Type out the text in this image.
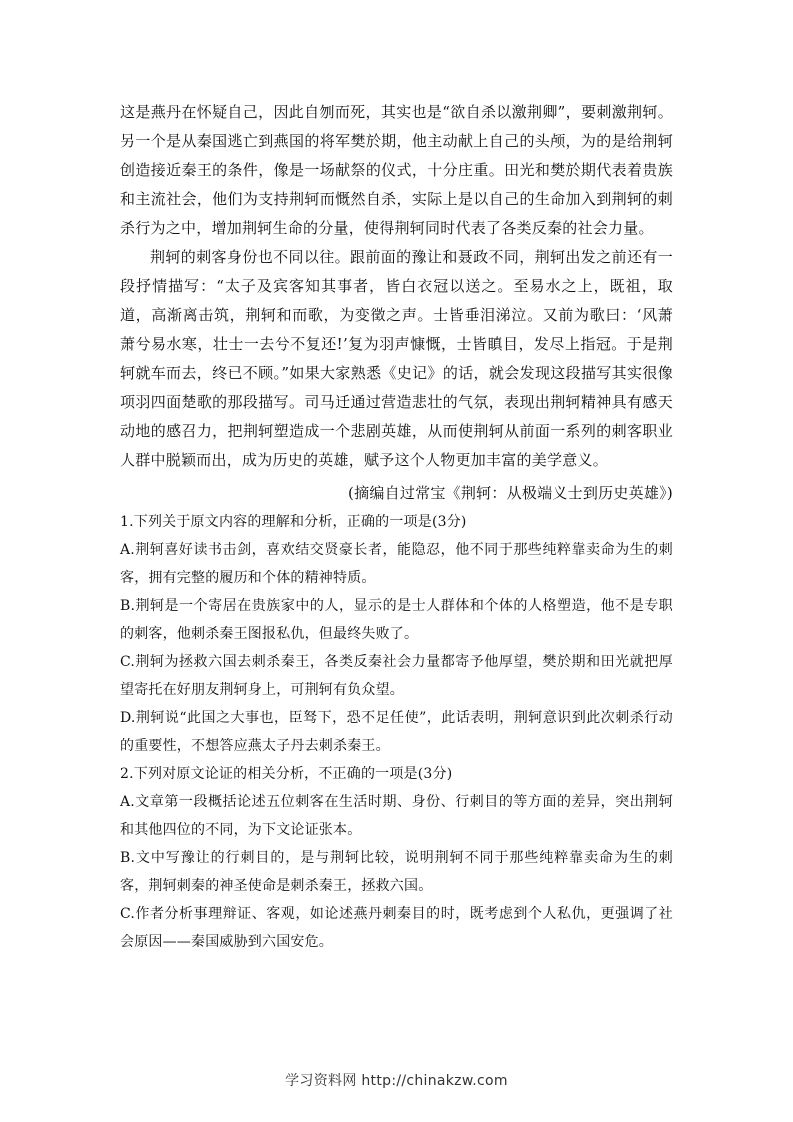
这是燕丹在怀疑自己，因此自刎而死，其实也是“欲自杀以激荆卿”，要刺激荆轲。另一个是从秦国逃亡到燕国的将军樊於期，他主动献上自己的头颅，为的是给荆轲创造接近秦王的条件，像是一场献祭的仪式，十分庄重。田光和樊於期代表着贵族和主流社会，他们为支持荆轲而慨然自杀，实际上是以自己的生命加入到荆轲的刺杀行为之中，增加荆轲生命的分量，使得荆轲同时代表了各类反秦的社会力量。

荆轲的刺客身份也不同以往。跟前面的豫让和聂政不同，荆轲出发之前还有一段抒情描写：“太子及宾客知其事者，皆白衣冠以送之。至易水之上，既祖，取道，高渐离击筑，荆轲和而歌，为变徵之声。士皆垂泪涕泣。又前为歌曰：‘风萧萧兮易水寒，壮士一去兮不复还!’复为羽声慷慨，士皆瞋目，发尽上指冠。于是荆轲就车而去，终已不顾。”如果大家熟悉《史记》的话，就会发现这段描写其实很像项羽四面楚歌的那段描写。司马迁通过营造悲壮的气氛，表现出荆轲精神具有感天动地的感召力，把荆轲塑造成一个悲剧英雄，从而使荆轲从前面一系列的刺客职业人群中脱颖而出，成为历史的英雄，赋予这个人物更加丰富的美学意义。

(摘编自过常宝《荆轲：从极端义士到历史英雄》)

1.下列关于原文内容的理解和分析，正确的一项是(3分)

A.荆轲喜好读书击剑，喜欢结交贤豪长者，能隐忍，他不同于那些纯粹靠卖命为生的刺客，拥有完整的履历和个体的精神特质。

B.荆轲是一个寄居在贵族家中的人，显示的是士人群体和个体的人格塑造，他不是专职的刺客，他刺杀秦王图报私仇，但最终失败了。

C.荆轲为拯救六国去刺杀秦王，各类反秦社会力量都寄予他厚望，樊於期和田光就把厚望寄托在好朋友荆轲身上，可荆轲有负众望。

D.荆轲说“此国之大事也，臣驽下，恐不足任使”，此话表明，荆轲意识到此次刺杀行动的重要性，不想答应燕太子丹去刺杀秦王。

2.下列对原文论证的相关分析，不正确的一项是(3分)

A.文章第一段概括论述五位刺客在生活时期、身份、行刺目的等方面的差异，突出荆轲和其他四位的不同，为下文论证张本。

B.文中写豫让的行刺目的，是与荆轲比较，说明荆轲不同于那些纯粹靠卖命为生的刺客，荆轲刺秦的神圣使命是刺杀秦王，拯救六国。

C.作者分析事理辩证、客观，如论述燕丹刺秦目的时，既考虑到个人私仇，更强调了社会原因——秦国威胁到六国安危。

学习资料网 http://chinakzw.com
